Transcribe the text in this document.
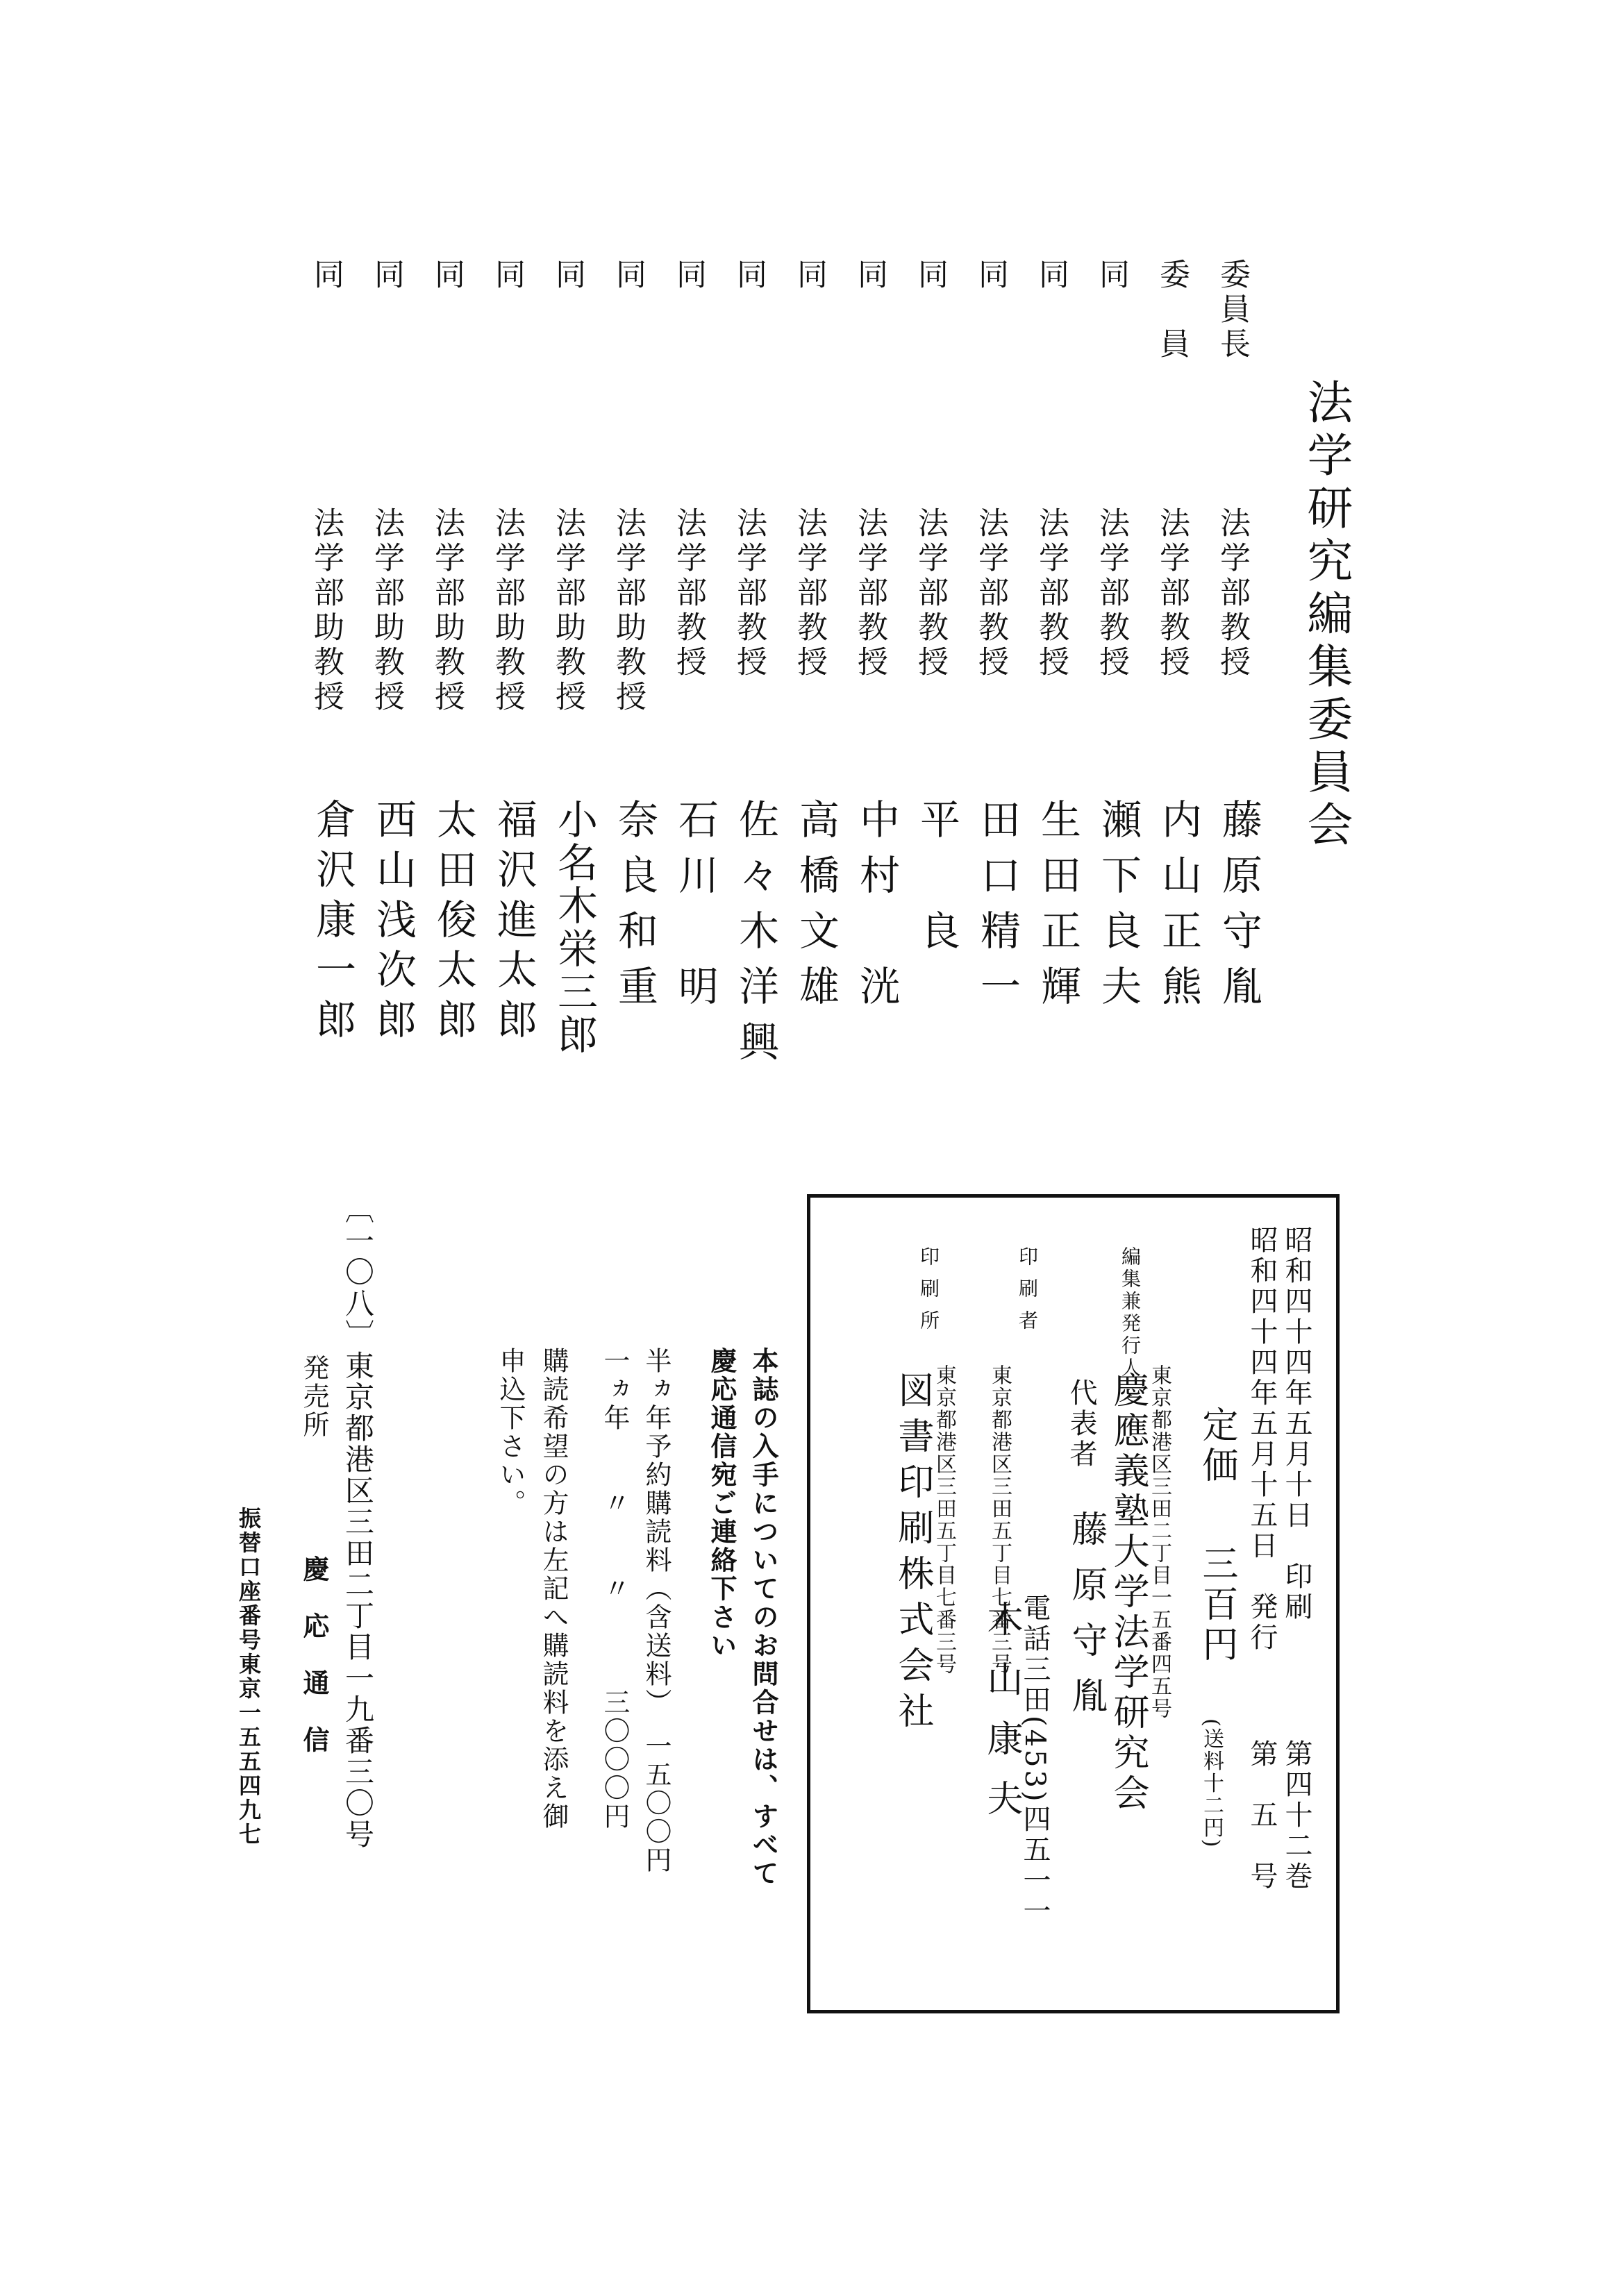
法学研究編集委員会
委員長
法学部教授
藤原守胤
委　員
法学部教授
内山正熊
同
法学部教授
瀬下良夫
同
法学部教授
生田正輝
同
法学部教授
田口精一
同
法学部教授
平　良
同
法学部教授
中村　洸
同
法学部教授
高橋文雄
同
法学部教授
佐々木洋興
同
法学部教授
石川　明
同
法学部助教授
奈良和重
同
法学部助教授
小名木栄三郎
同
法学部助教授
福沢進太郎
同
法学部助教授
太田俊太郎
同
法学部助教授
西山浅次郎
同
法学部助教授
倉沢康一郎
昭和四十四年五月十日　印刷
第四十二巻
昭和四十四年五月十五日　発行
第　五　号
定価
三百円
(送料十二円)
東京都港区三田二丁目一五番四五号
編集兼発行人
慶應義塾大学法学研究会
代表者
藤原守胤
電話三田(453)四五一一
印刷者
東京都港区三田五丁目七番三号
木山康夫
東京都港区三田五丁目七番三号
印刷所
図書印刷株式会社
本誌の入手についてのお問合せは、すべて
慶応通信宛ご連絡下さい
半ヵ年予約購読料（含送料）　一五〇〇円
一ヵ年　　〃　　〃　　　三〇〇〇円
購読希望の方は左記へ購読料を添え御
申込下さい。
〔一〇八〕東京都港区三田二丁目一九番三〇号
発売所
慶　応　通　信
振替口座番号東京一五五四九七
